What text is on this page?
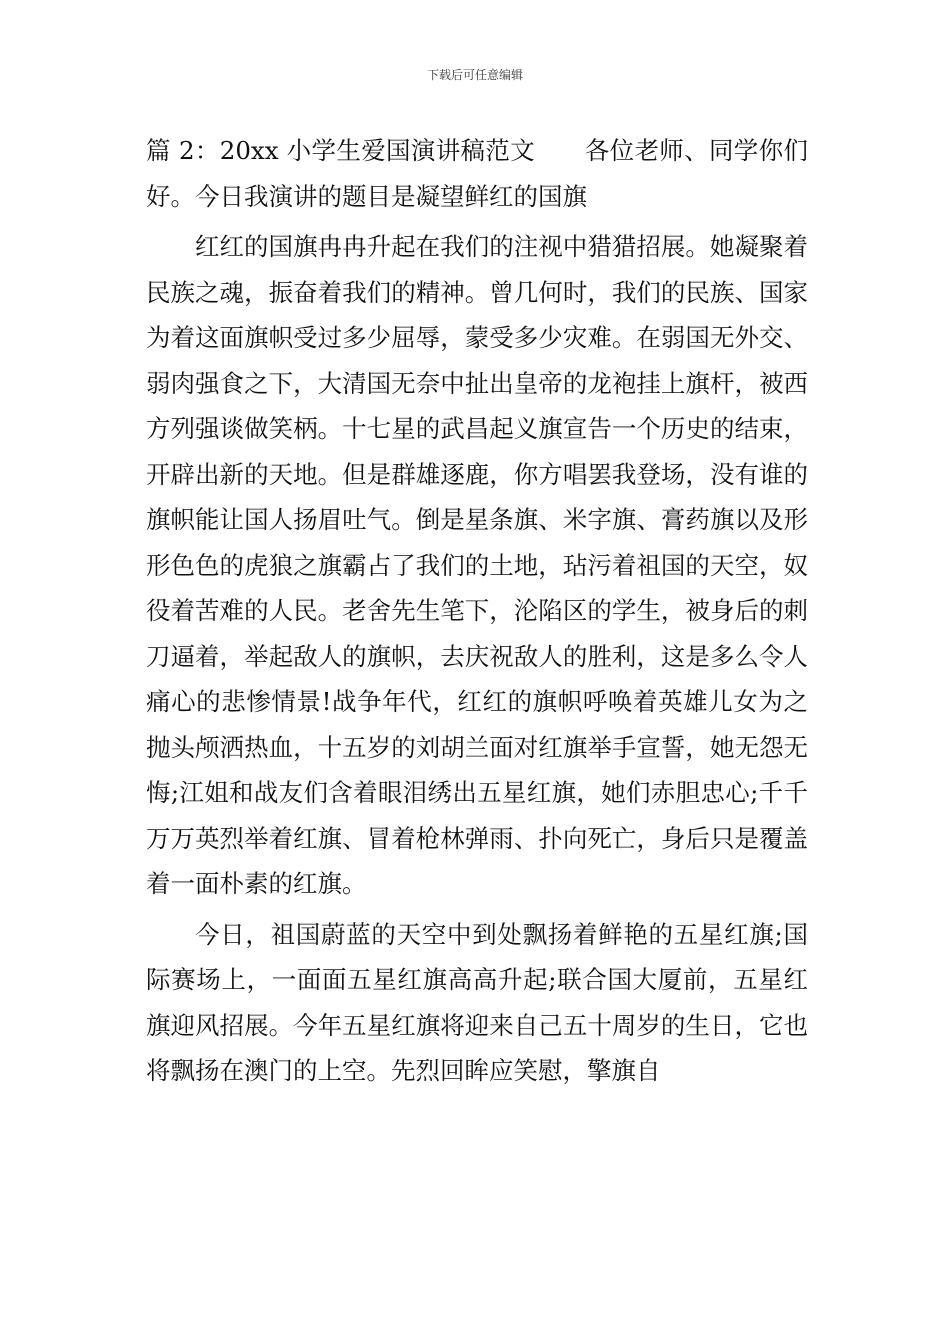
下载后可任意编辑

篇 2：20xx 小学生爱国演讲稿范文　　各位老师、同学你们好。今日我演讲的题目是凝望鲜红的国旗

红红的国旗冉冉升起在我们的注视中猎猎招展。她凝聚着民族之魂，振奋着我们的精神。曾几何时，我们的民族、国家为着这面旗帜受过多少屈辱，蒙受多少灾难。在弱国无外交、弱肉强食之下，大清国无奈中扯出皇帝的龙袍挂上旗杆，被西方列强谈做笑柄。十七星的武昌起义旗宣告一个历史的结束，开辟出新的天地。但是群雄逐鹿，你方唱罢我登场，没有谁的旗帜能让国人扬眉吐气。倒是星条旗、米字旗、膏药旗以及形形色色的虎狼之旗霸占了我们的土地，玷污着祖国的天空，奴役着苦难的人民。老舍先生笔下，沦陷区的学生，被身后的刺刀逼着，举起敌人的旗帜，去庆祝敌人的胜利，这是多么令人痛心的悲惨情景!战争年代，红红的旗帜呼唤着英雄儿女为之抛头颅洒热血，十五岁的刘胡兰面对红旗举手宣誓，她无怨无悔;江姐和战友们含着眼泪绣出五星红旗，她们赤胆忠心;千千万万英烈举着红旗、冒着枪林弹雨、扑向死亡，身后只是覆盖着一面朴素的红旗。

今日，祖国蔚蓝的天空中到处飘扬着鲜艳的五星红旗;国际赛场上，一面面五星红旗高高升起;联合国大厦前，五星红旗迎风招展。今年五星红旗将迎来自己五十周岁的生日，它也将飘扬在澳门的上空。先烈回眸应笑慰，擎旗自
